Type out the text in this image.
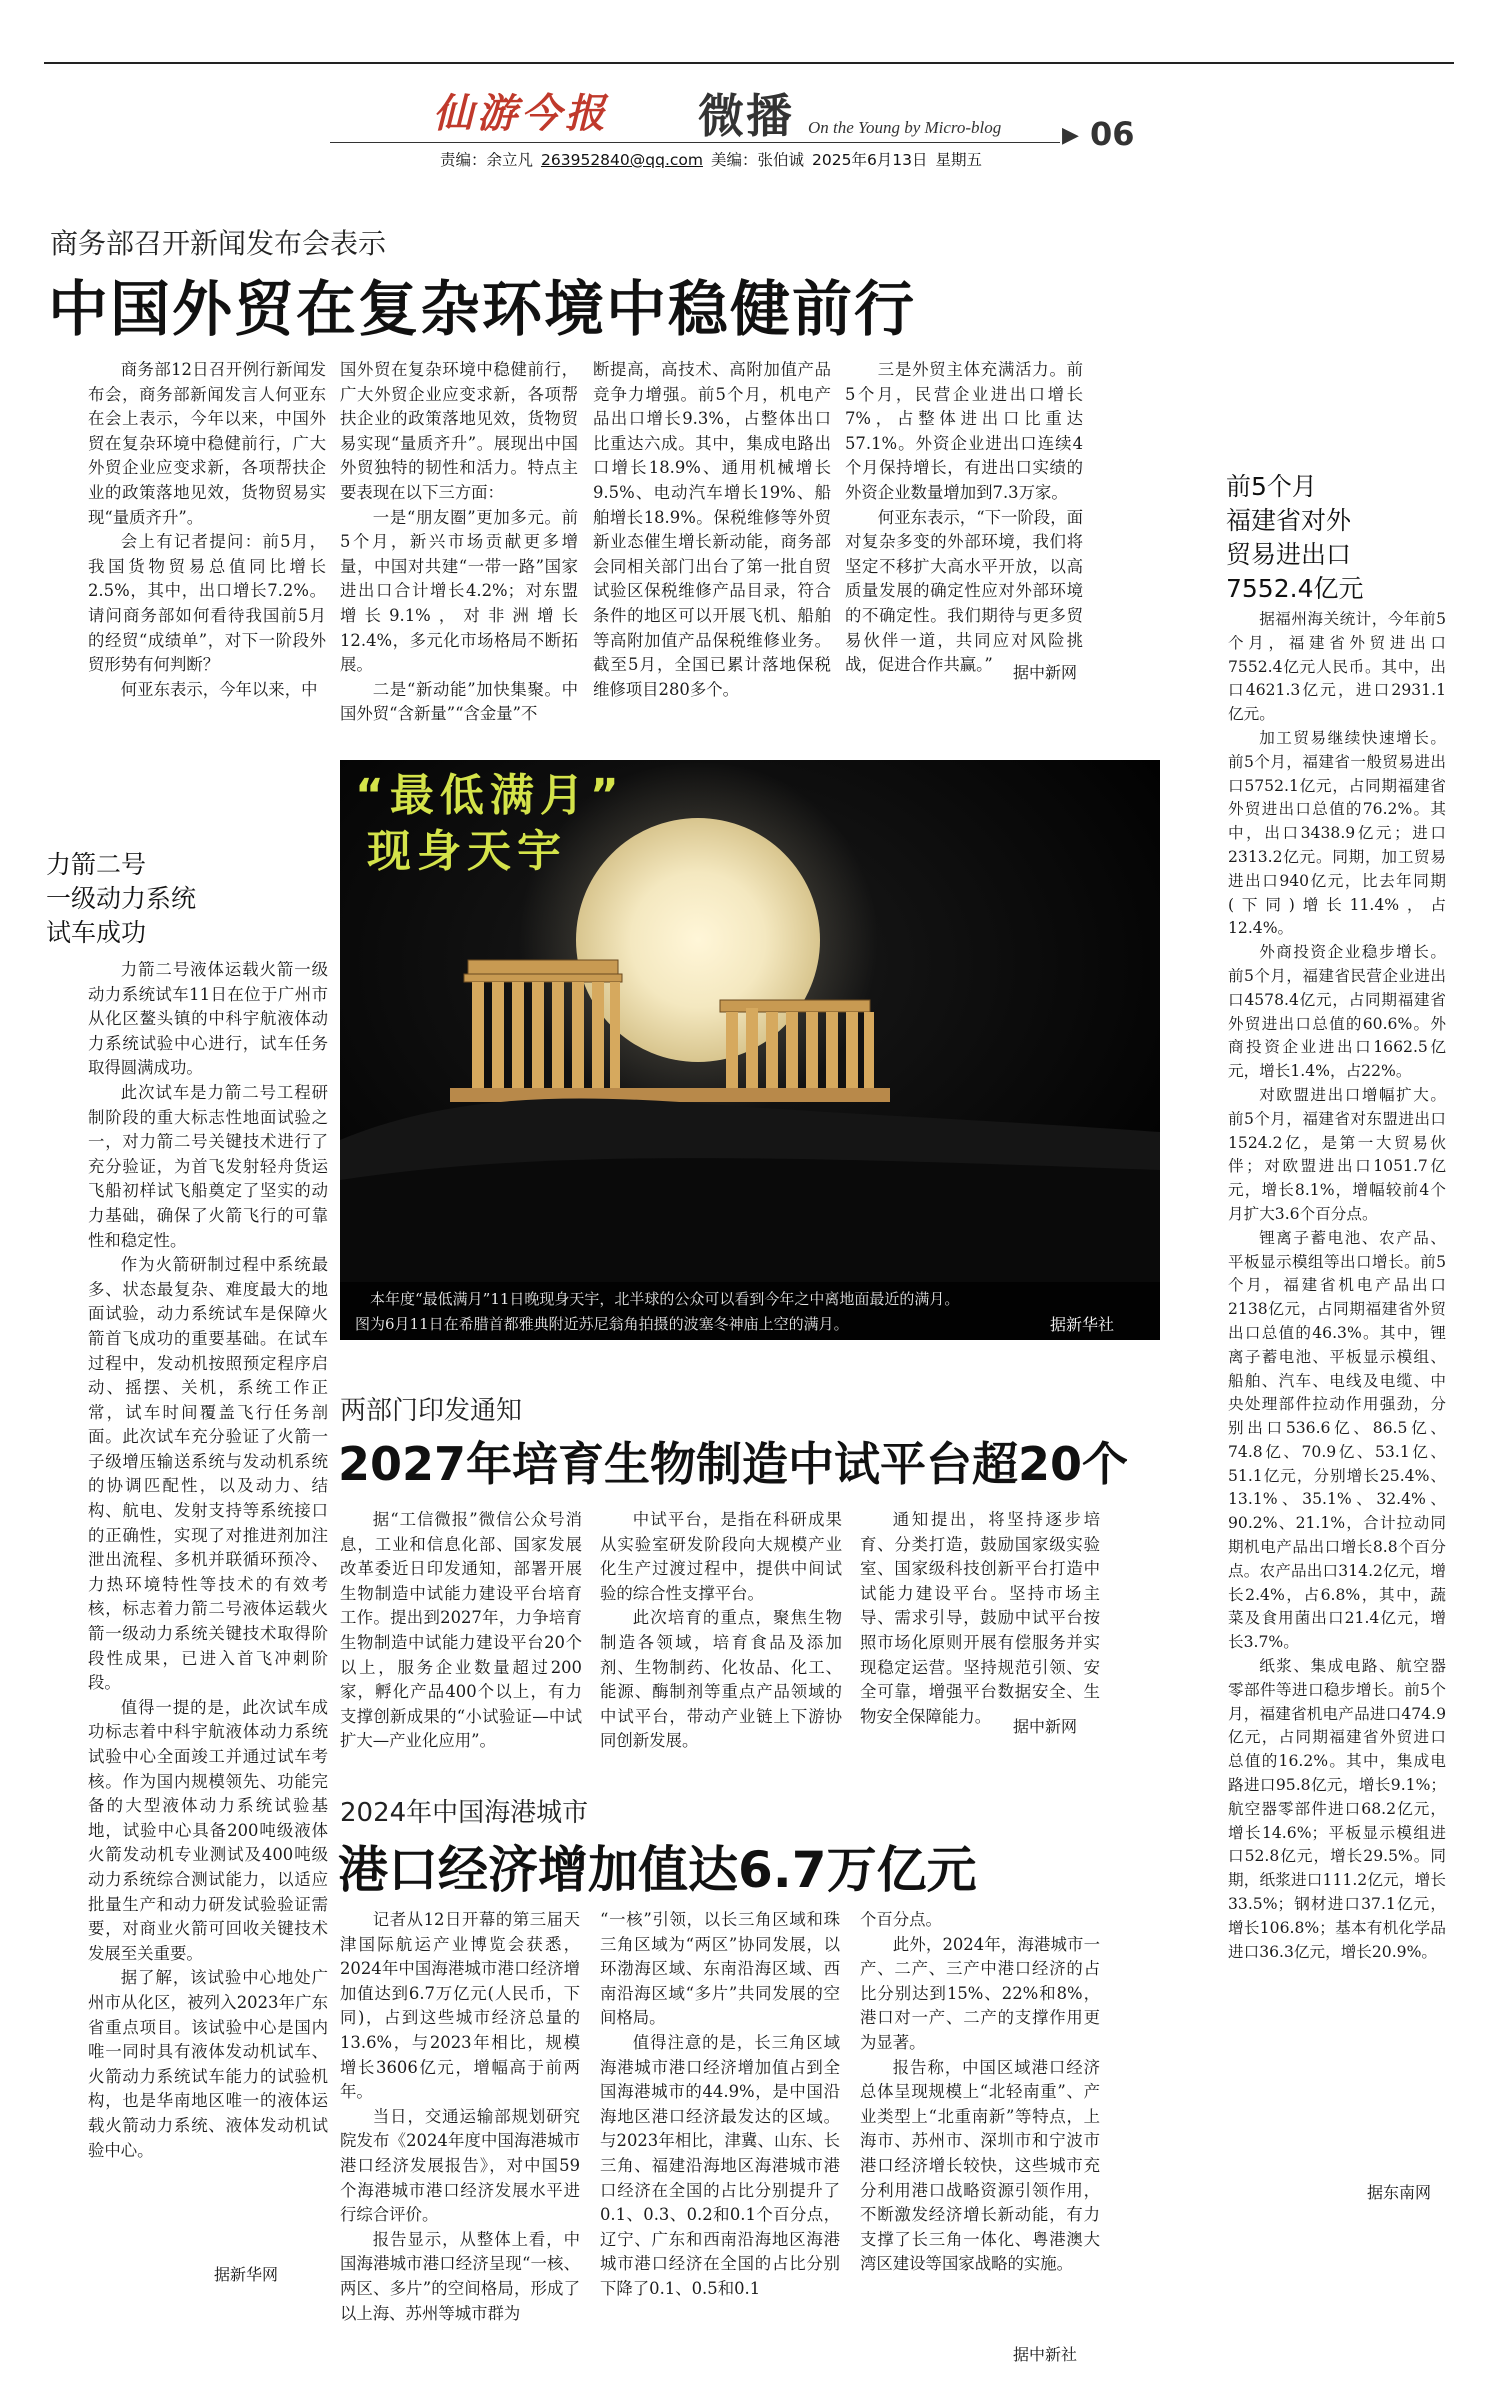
仙游今报 微播 On the Young by Micro-blog	▶ 06
责编：余立凡 263952840@qq.com 美编：张伯诚 2025年6月13日 星期五
商务部召开新闻发布会表示
中国外贸在复杂环境中稳健前行

商务部12日召开例行新闻发布会，商务部新闻发言人何亚东在会上表示，今年以来，中国外贸在复杂环境中稳健前行，广大外贸企业应变求新，各项帮扶企业的政策落地见效，货物贸易实现“量质齐升”。

会上有记者提问：前5月，我国货物贸易总值同比增长2.5%，其中，出口增长7.2%。请问商务部如何看待我国前5月的经贸“成绩单”，对下一阶段外贸形势有何判断？

何亚东表示，今年以来，中

国外贸在复杂环境中稳健前行，广大外贸企业应变求新，各项帮扶企业的政策落地见效，货物贸易实现“量质齐升”。展现出中国外贸独特的韧性和活力。特点主要表现在以下三方面：

一是“朋友圈”更加多元。前5个月，新兴市场贡献更多增量，中国对共建“一带一路”国家进出口合计增长4.2%；对东盟增长9.1%，对非洲增长12.4%，多元化市场格局不断拓展。

二是“新动能”加快集聚。中国外贸“含新量”“含金量”不

断提高，高技术、高附加值产品竞争力增强。前5个月，机电产品出口增长9.3%，占整体出口比重达六成。其中，集成电路出口增长18.9%、通用机械增长9.5%、电动汽车增长19%、船舶增长18.9%。保税维修等外贸新业态催生增长新动能，商务部会同相关部门出台了第一批自贸试验区保税维修产品目录，符合条件的地区可以开展飞机、船舶等高附加值产品保税维修业务。截至5月，全国已累计落地保税维修项目280多个。

三是外贸主体充满活力。前5个月，民营企业进出口增长7%，占整体进出口比重达57.1%。外资企业进出口连续4个月保持增长，有进出口实绩的外资企业数量增加到7.3万家。

何亚东表示，“下一阶段，面对复杂多变的外部环境，我们将坚定不移扩大高水平开放，以高质量发展的确定性应对外部环境的不确定性。我们期待与更多贸易伙伴一道，共同应对风险挑战，促进合作共赢。”	据中新网
“最低满月”
现身天宇
本年度“最低满月”11日晚现身天宇，北半球的公众可以看到今年之中离地面最近的满月。
图为6月11日在希腊首都雅典附近苏尼翁角拍摄的波塞冬神庙上空的满月。	据新华社
力箭二号
一级动力系统
试车成功

力箭二号液体运载火箭一级动力系统试车11日在位于广州市从化区鳌头镇的中科宇航液体动力系统试验中心进行，试车任务取得圆满成功。

此次试车是力箭二号工程研制阶段的重大标志性地面试验之一，对力箭二号关键技术进行了充分验证，为首飞发射轻舟货运飞船初样试飞船奠定了坚实的动力基础，确保了火箭飞行的可靠性和稳定性。

作为火箭研制过程中系统最多、状态最复杂、难度最大的地面试验，动力系统试车是保障火箭首飞成功的重要基础。在试车过程中，发动机按照预定程序启动、摇摆、关机，系统工作正常，试车时间覆盖飞行任务剖面。此次试车充分验证了火箭一子级增压输送系统与发动机系统的协调匹配性，以及动力、结构、航电、发射支持等系统接口的正确性，实现了对推进剂加注泄出流程、多机并联循环预冷、力热环境特性等技术的有效考核，标志着力箭二号液体运载火箭一级动力系统关键技术取得阶段性成果，已进入首飞冲刺阶段。

值得一提的是，此次试车成功标志着中科宇航液体动力系统试验中心全面竣工并通过试车考核。作为国内规模领先、功能完备的大型液体动力系统试验基地，试验中心具备200吨级液体火箭发动机专业测试及400吨级动力系统综合测试能力，以适应批量生产和动力研发试验验证需要，对商业火箭可回收关键技术发展至关重要。

据了解，该试验中心地处广州市从化区，被列入2023年广东省重点项目。该试验中心是国内唯一同时具有液体发动机试车、火箭动力系统试车能力的试验机构，也是华南地区唯一的液体运载火箭动力系统、液体发动机试验中心。

据新华网
两部门印发通知
2027年培育生物制造中试平台超20个

据“工信微报”微信公众号消息，工业和信息化部、国家发展改革委近日印发通知，部署开展生物制造中试能力建设平台培育工作。提出到2027年，力争培育生物制造中试能力建设平台20个以上，服务企业数量超过200家，孵化产品400个以上，有力支撑创新成果的“小试验证—中试扩大—产业化应用”。

中试平台，是指在科研成果从实验室研发阶段向大规模产业化生产过渡过程中，提供中间试验的综合性支撑平台。

此次培育的重点，聚焦生物制造各领域，培育食品及添加剂、生物制药、化妆品、化工、能源、酶制剂等重点产品领域的中试平台，带动产业链上下游协同创新发展。

通知提出，将坚持逐步培育、分类打造，鼓励国家级实验室、国家级科技创新平台打造中试能力建设平台。坚持市场主导、需求引导，鼓励中试平台按照市场化原则开展有偿服务并实现稳定运营。坚持规范引领、安全可靠，增强平台数据安全、生物安全保障能力。

据中新网
2024年中国海港城市
港口经济增加值达6.7万亿元

记者从12日开幕的第三届天津国际航运产业博览会获悉，2024年中国海港城市港口经济增加值达到6.7万亿元(人民币，下同)，占到这些城市经济总量的13.6%，与2023年相比，规模增长3606亿元，增幅高于前两年。

当日，交通运输部规划研究院发布《2024年度中国海港城市港口经济发展报告》，对中国59个海港城市港口经济发展水平进行综合评价。

报告显示，从整体上看，中国海港城市港口经济呈现“一核、两区、多片”的空间格局，形成了以上海、苏州等城市群为

“一核”引领，以长三角区域和珠三角区域为“两区”协同发展，以环渤海区域、东南沿海区域、西南沿海区域“多片”共同发展的空间格局。

值得注意的是，长三角区域海港城市港口经济增加值占到全国海港城市的44.9%，是中国沿海地区港口经济最发达的区域。与2023年相比，津冀、山东、长三角、福建沿海地区海港城市港口经济在全国的占比分别提升了0.1、0.3、0.2和0.1个百分点，辽宁、广东和西南沿海地区海港城市港口经济在全国的占比分别下降了0.1、0.5和0.1

个百分点。

此外，2024年，海港城市一产、二产、三产中港口经济的占比分别达到15%、22%和8%，港口对一产、二产的支撑作用更为显著。

报告称，中国区域港口经济总体呈现规模上“北轻南重”、产业类型上“北重南新”等特点，上海市、苏州市、深圳市和宁波市港口经济增长较快，这些城市充分利用港口战略资源引领作用，不断激发经济增长新动能，有力支撑了长三角一体化、粤港澳大湾区建设等国家战略的实施。

据中新社
前5个月
福建省对外
贸易进出口
7552.4亿元

据福州海关统计，今年前5个月，福建省外贸进出口7552.4亿元人民币。其中，出口4621.3亿元，进口2931.1亿元。

加工贸易继续快速增长。前5个月，福建省一般贸易进出口5752.1亿元，占同期福建省外贸进出口总值的76.2%。其中，出口3438.9亿元；进口2313.2亿元。同期，加工贸易进出口940亿元，比去年同期(下同)增长11.4%，占12.4%。

外商投资企业稳步增长。前5个月，福建省民营企业进出口4578.4亿元，占同期福建省外贸进出口总值的60.6%。外商投资企业进出口1662.5亿元，增长1.4%，占22%。

对欧盟进出口增幅扩大。前5个月，福建省对东盟进出口1524.2亿，是第一大贸易伙伴；对欧盟进出口1051.7亿元，增长8.1%，增幅较前4个月扩大3.6个百分点。

锂离子蓄电池、农产品、平板显示模组等出口增长。前5个月，福建省机电产品出口2138亿元，占同期福建省外贸出口总值的46.3%。其中，锂离子蓄电池、平板显示模组、船舶、汽车、电线及电缆、中央处理部件拉动作用强劲，分别出口536.6亿、86.5亿、74.8亿、70.9亿、53.1亿、51.1亿元，分别增长25.4%、13.1%、35.1%、32.4%、90.2%、21.1%，合计拉动同期机电产品出口增长8.8个百分点。农产品出口314.2亿元，增长2.4%，占6.8%，其中，蔬菜及食用菌出口21.4亿元，增长3.7%。

纸浆、集成电路、航空器零部件等进口稳步增长。前5个月，福建省机电产品进口474.9亿元，占同期福建省外贸进口总值的16.2%。其中，集成电路进口95.8亿元，增长9.1%；航空器零部件进口68.2亿元，增长14.6%；平板显示模组进口52.8亿元，增长29.5%。同期，纸浆进口111.2亿元，增长33.5%；钢材进口37.1亿元，增长106.8%；基本有机化学品进口36.3亿元，增长20.9%。

据东南网
